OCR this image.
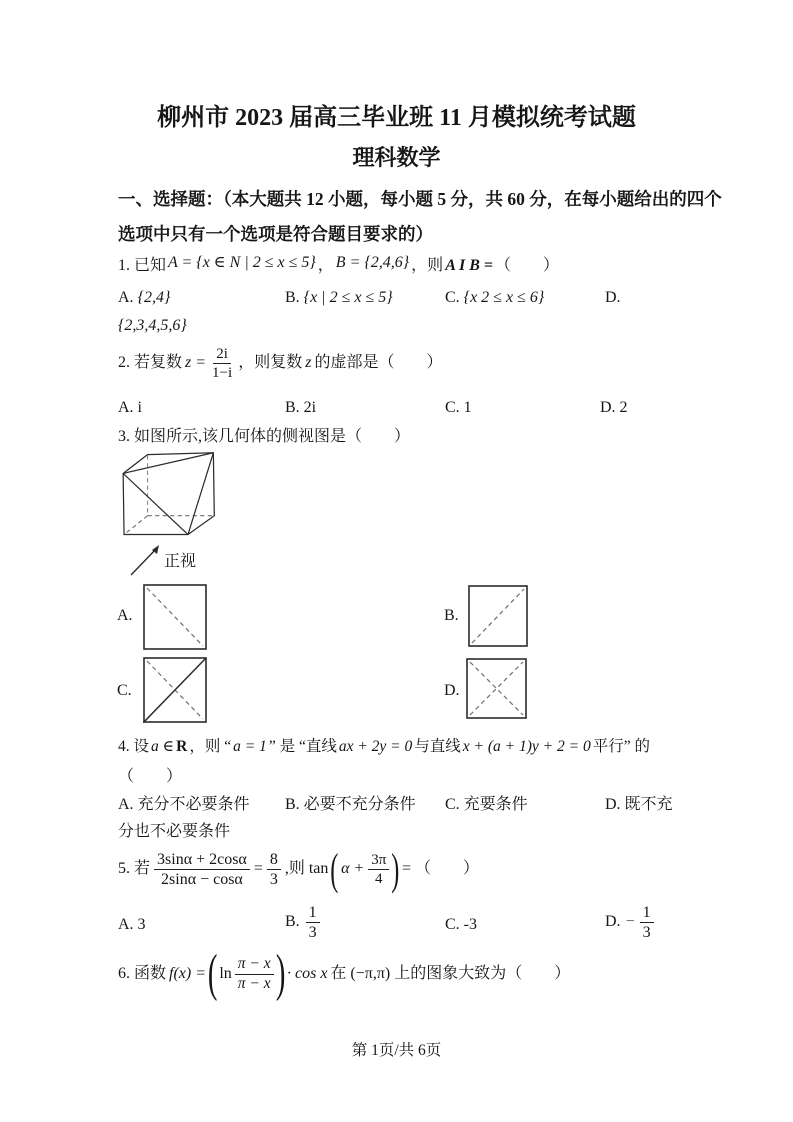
柳州市 2023 届高三毕业班 11 月模拟统考试题
理科数学
一、选择题：（本大题共 12 小题，每小题 5 分，共 60 分，在每小题给出的四个
选项中只有一个选项是符合题目要求的）
1. 已知 A = {x ∈ N | 2 ≤ x ≤ 5} ， B = {2,4,6} ，则 A I B = （　　）
A. {2,4}	B. {x | 2 ≤ x ≤ 5}	C. {x 2 ≤ x ≤ 6}	D.
{2,3,4,5,6}
2. 若复数 $z = \frac{2i}{1-i}$ ，则复数 z 的虚部是（　　）
A. i	B. 2i	C. 1	D. 2
3. 如图所示,该几何体的侧视图是（　　）
正视
A.	B.
C.	D.
4. 设 a ∈ R ，则 “ a = 1 ” 是 “直线 ax + 2y = 0 与直线 x + (a + 1)y + 2 = 0 平行” 的
（　　）
A. 充分不必要条件 B. 必要不充分条件 C. 充要条件	D. 既不充
分也不必要条件
5. 若 $\frac{3\sin\alpha + 2\cos\alpha}{2\sin\alpha - \cos\alpha} = \frac{8}{3}$ ,则 tan ( $\alpha + \frac{3\pi}{4}$ ) = （　　）
A. 3	B. $\frac{1}{3}$	C. -3	D. − $\frac{1}{3}$
6. 函数 f(x) = ( $\ln \frac{\pi - x}{\pi - x}$ ) · cos x 在 (−π,π) 上的图象大致为（　　）
第 1页/共 6页
